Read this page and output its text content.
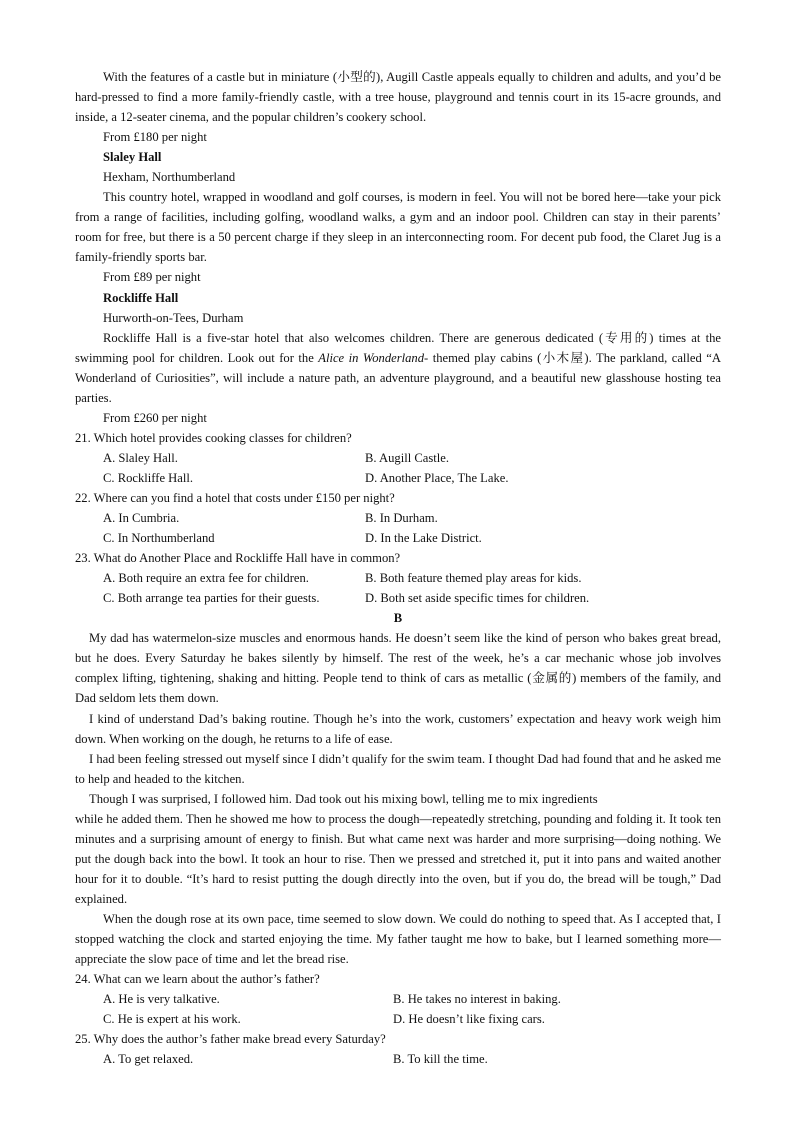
With the features of a castle but in miniature (小型的), Augill Castle appeals equally to children and adults, and you’d be hard-pressed to find a more family-friendly castle, with a tree house, playground and tennis court in its 15-acre grounds, and inside, a 12-seater cinema, and the popular children’s cookery school.

From £180 per night

Slaley Hall

Hexham, Northumberland

This country hotel, wrapped in woodland and golf courses, is modern in feel. You will not be bored here—take your pick from a range of facilities, including golfing, woodland walks, a gym and an indoor pool. Children can stay in their parents’ room for free, but there is a 50 percent charge if they sleep in an interconnecting room. For decent pub food, the Claret Jug is a family-friendly sports bar.

From £89 per night

Rockliffe Hall

Hurworth-on-Tees, Durham

Rockliffe Hall is a five-star hotel that also welcomes children. There are generous dedicated (专用的) times at the swimming pool for children. Look out for the Alice in Wonderland- themed play cabins (小木屋). The parkland, called “A Wonderland of Curiosities”, will include a nature path, an adventure playground, and a beautiful new glasshouse hosting tea parties.

From £260 per night

21. Which hotel provides cooking classes for children?

A. Slaley Hall.	B. Augill Castle.
C. Rockliffe Hall.	D. Another Place, The Lake.

22. Where can you find a hotel that costs under £150 per night?

A. In Cumbria.	B. In Durham.
C. In Northumberland	D. In the Lake District.

23. What do Another Place and Rockliffe Hall have in common?

A. Both require an extra fee for children.	B. Both feature themed play areas for kids.
C. Both arrange tea parties for their guests.	D. Both set aside specific times for children.

B

My dad has watermelon-size muscles and enormous hands. He doesn’t seem like the kind of person who bakes great bread, but he does. Every Saturday he bakes silently by himself. The rest of the week, he’s a car mechanic whose job involves complex lifting, tightening, shaking and hitting. People tend to think of cars as metallic (金属的) members of the family, and Dad seldom lets them down.

I kind of understand Dad’s baking routine. Though he’s into the work, customers’ expectation and heavy work weigh him down. When working on the dough, he returns to a life of ease.

I had been feeling stressed out myself since I didn’t qualify for the swim team. I thought Dad had found that and he asked me to help and headed to the kitchen.

Though I was surprised, I followed him. Dad took out his mixing bowl, telling me to mix ingredients

while he added them. Then he showed me how to process the dough—repeatedly stretching, pounding and folding it. It took ten minutes and a surprising amount of energy to finish. But what came next was harder and more surprising—doing nothing. We put the dough back into the bowl. It took an hour to rise. Then we pressed and stretched it, put it into pans and waited another hour for it to double. “It’s hard to resist putting the dough directly into the oven, but if you do, the bread will be tough,” Dad explained.

When the dough rose at its own pace, time seemed to slow down. We could do nothing to speed that. As I accepted that, I stopped watching the clock and started enjoying the time. My father taught me how to bake, but I learned something more—appreciate the slow pace of time and let the bread rise.

24. What can we learn about the author’s father?

A. He is very talkative.	B. He takes no interest in baking.
C. He is expert at his work.	D. He doesn’t like fixing cars.

25. Why does the author’s father make bread every Saturday?

A. To get relaxed.	B. To kill the time.
